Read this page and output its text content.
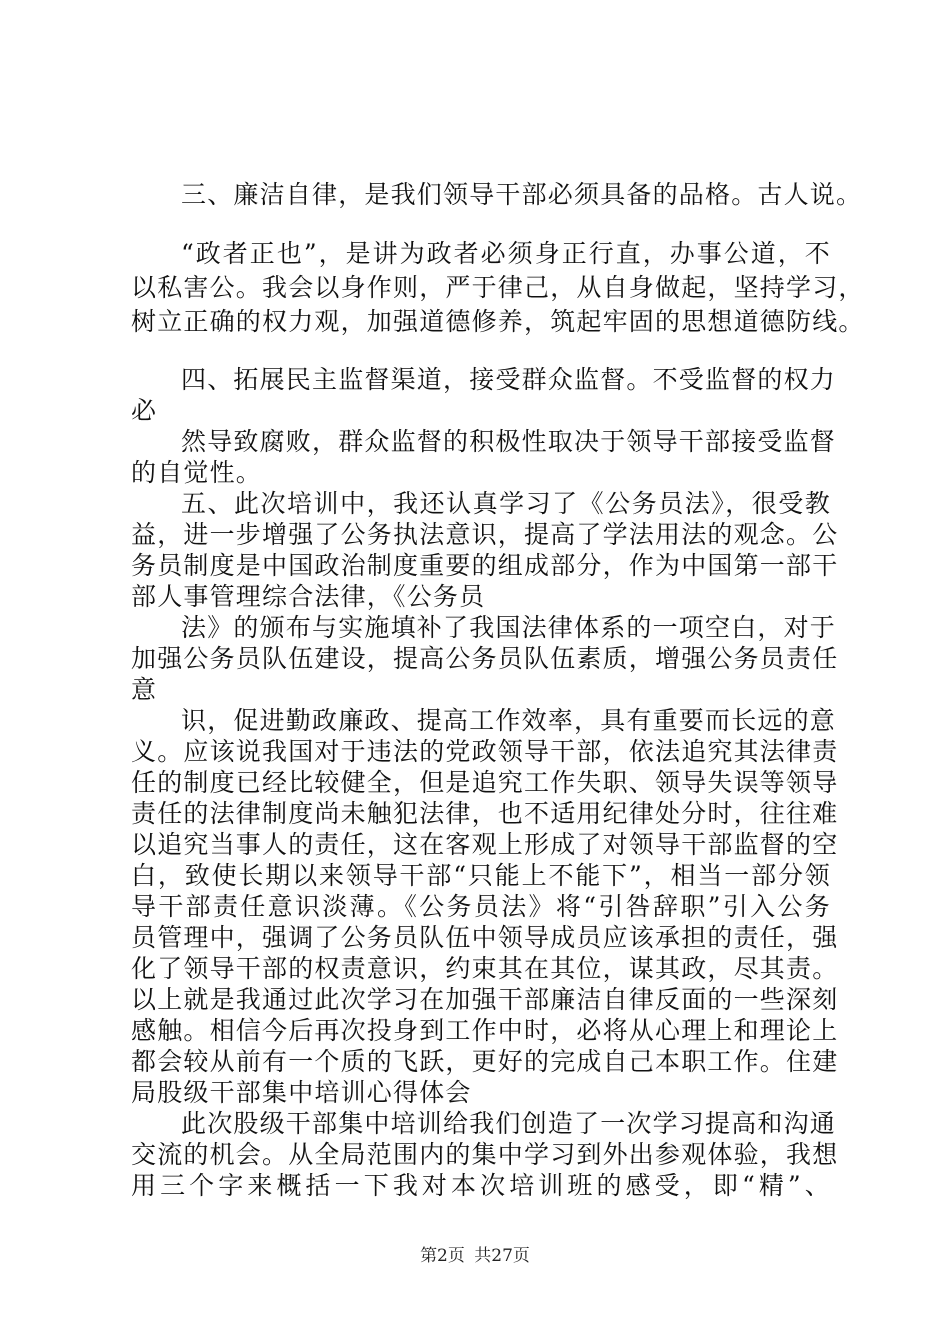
三、廉洁自律，是我们领导干部必须具备的品格。古人说。
“政者正也”，是讲为政者必须身正行直，办事公道，不
以私害公。我会以身作则，严于律己，从自身做起，坚持学习，
树立正确的权力观，加强道德修养，筑起牢固的思想道德防线。
四、拓展民主监督渠道，接受群众监督。不受监督的权力
必
然导致腐败，群众监督的积极性取决于领导干部接受监督
的自觉性。
五、此次培训中，我还认真学习了《公务员法》，很受教
益，进一步增强了公务执法意识，提高了学法用法的观念。公
务员制度是中国政治制度重要的组成部分，作为中国第一部干
部人事管理综合法律，《公务员
法》的颁布与实施填补了我国法律体系的一项空白，对于
加强公务员队伍建设，提高公务员队伍素质，增强公务员责任
意
识，促进勤政廉政、提高工作效率，具有重要而长远的意
义。应该说我国对于违法的党政领导干部，依法追究其法律责
任的制度已经比较健全，但是追究工作失职、领导失误等领导
责任的法律制度尚未触犯法律，也不适用纪律处分时，往往难
以追究当事人的责任，这在客观上形成了对领导干部监督的空
白，致使长期以来领导干部“只能上不能下”，相当一部分领
导干部责任意识淡薄。《公务员法》将“引咎辞职”引入公务
员管理中，强调了公务员队伍中领导成员应该承担的责任，强
化了领导干部的权责意识，约束其在其位，谋其政，尽其责。
以上就是我通过此次学习在加强干部廉洁自律反面的一些深刻
感触。相信今后再次投身到工作中时，必将从心理上和理论上
都会较从前有一个质的飞跃，更好的完成自己本职工作。住建
局股级干部集中培训心得体会
此次股级干部集中培训给我们创造了一次学习提高和沟通
交流的机会。从全局范围内的集中学习到外出参观体验，我想
用三个字来概括一下我对本次培训班的感受，即“精”、
第2页 共27页
